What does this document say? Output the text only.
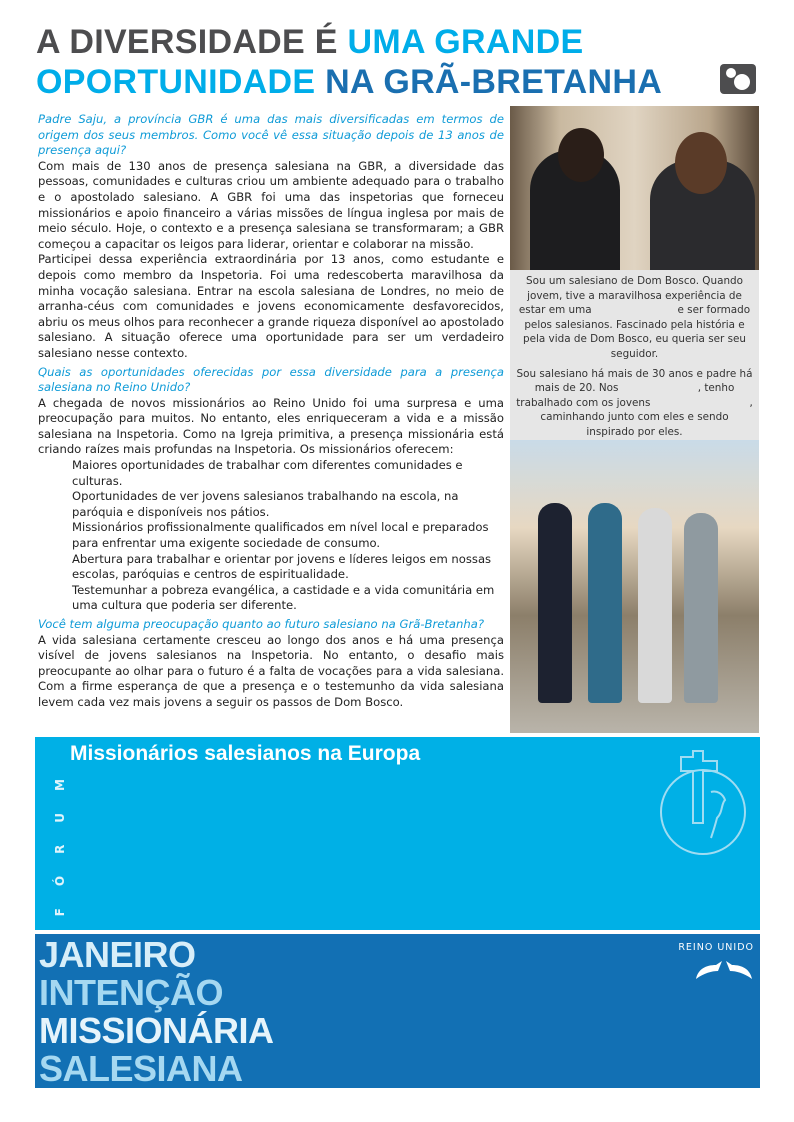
A DIVERSIDADE É UMA GRANDE
OPORTUNIDADE NA GRÃ-BRETANHA

Padre Saju, a província GBR é uma das mais diversificadas em termos de origem dos seus membros. Como você vê essa situação depois de 13 anos de presença aqui?

Com mais de 130 anos de presença salesiana na GBR, a diversidade das pessoas, comunidades e culturas criou um ambiente adequado para o trabalho e o apostolado salesiano. A GBR foi uma das inspetorias que forneceu missionários e apoio financeiro a várias missões de língua inglesa por mais de meio século. Hoje, o contexto e a presença salesiana se transformaram; a GBR começou a capacitar os leigos para liderar, orientar e colaborar na missão.

Participei dessa experiência extraordinária por 13 anos, como estudante e depois como membro da Inspetoria. Foi uma redescoberta maravilhosa da minha vocação salesiana. Entrar na escola salesiana de Londres, no meio de arranha-céus com comunidades e jovens economicamente desfavorecidos, abriu os meus olhos para reconhecer a grande riqueza disponível ao apostolado salesiano. A situação oferece uma oportunidade para ser um verdadeiro salesiano nesse contexto.

Quais as oportunidades oferecidas por essa diversidade para a presença salesiana no Reino Unido?

A chegada de novos missionários ao Reino Unido foi uma surpresa e uma preocupação para muitos. No entanto, eles enriqueceram a vida e a missão salesiana na Inspetoria. Como na Igreja primitiva, a presença missionária está criando raízes mais profundas na Inspetoria. Os missionários oferecem:

Maiores oportunidades de trabalhar com diferentes comunidades e culturas.
Oportunidades de ver jovens salesianos trabalhando na escola, na paróquia e disponíveis nos pátios.
Missionários profissionalmente qualificados em nível local e preparados para enfrentar uma exigente sociedade de consumo.
Abertura para trabalhar e orientar por jovens e líderes leigos em nossas escolas, paróquias e centros de espiritualidade.
Testemunhar a pobreza evangélica, a castidade e a vida comunitária em uma cultura que poderia ser diferente.

Você tem alguma preocupação quanto ao futuro salesiano na Grã-Bretanha?

A vida salesiana certamente cresceu ao longo dos anos e há uma presença visível de jovens salesianos na Inspetoria. No entanto, o desafio mais preocupante ao olhar para o futuro é a falta de vocações para a vida salesiana. Com a firme esperança de que a presença e o testemunho da vida salesiana levem cada vez mais jovens a seguir os passos de Dom Bosco.

Sou um salesiano de Dom Bosco. Quando jovem, tive a maravilhosa experiência de estar em uma                          e ser formado pelos salesianos. Fascinado pela história e pela vida de Dom Bosco, eu queria ser seu seguidor.

Sou salesiano há mais de 30 anos e padre há mais de 20. Nos                        , tenho trabalhado com os jovens                              , caminhando junto com eles e sendo inspirado por eles.

FÓRUM
Missionários salesianos na Europa
JANEIRO
INTENÇÃO
MISSIONÁRIA
SALESIANA
REINO UNIDO
